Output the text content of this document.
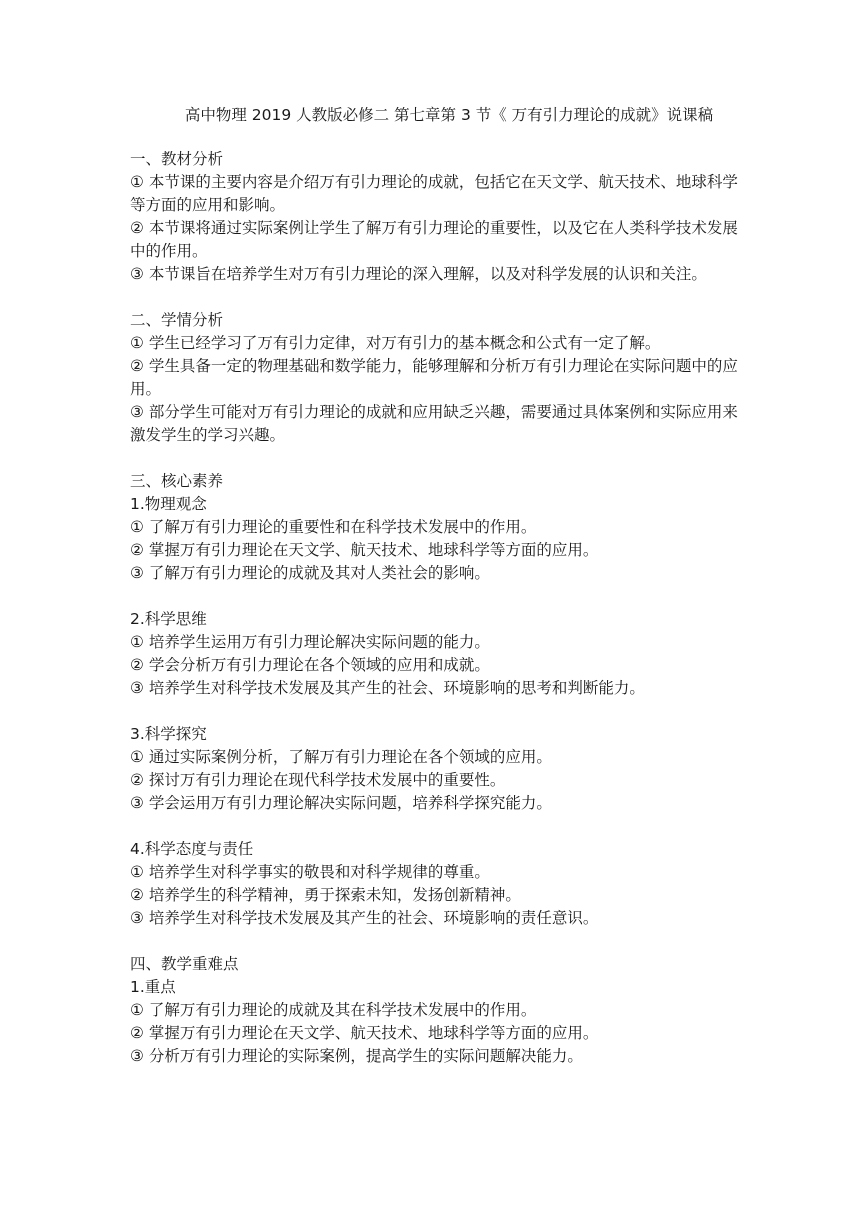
高中物理 2019 人教版必修二 第七章第 3 节《 万有引力理论的成就》说课稿

一、教材分析

① 本节课的主要内容是介绍万有引力理论的成就，包括它在天文学、航天技术、地球科学等方面的应用和影响。

② 本节课将通过实际案例让学生了解万有引力理论的重要性，以及它在人类科学技术发展中的作用。

③ 本节课旨在培养学生对万有引力理论的深入理解，以及对科学发展的认识和关注。

二、学情分析

① 学生已经学习了万有引力定律，对万有引力的基本概念和公式有一定了解。

② 学生具备一定的物理基础和数学能力，能够理解和分析万有引力理论在实际问题中的应用。

③ 部分学生可能对万有引力理论的成就和应用缺乏兴趣，需要通过具体案例和实际应用来激发学生的学习兴趣。

三、核心素养

1.物理观念

① 了解万有引力理论的重要性和在科学技术发展中的作用。

② 掌握万有引力理论在天文学、航天技术、地球科学等方面的应用。

③ 了解万有引力理论的成就及其对人类社会的影响。

2.科学思维

① 培养学生运用万有引力理论解决实际问题的能力。

② 学会分析万有引力理论在各个领域的应用和成就。

③ 培养学生对科学技术发展及其产生的社会、环境影响的思考和判断能力。

3.科学探究

① 通过实际案例分析，了解万有引力理论在各个领域的应用。

② 探讨万有引力理论在现代科学技术发展中的重要性。

③ 学会运用万有引力理论解决实际问题，培养科学探究能力。

4.科学态度与责任

① 培养学生对科学事实的敬畏和对科学规律的尊重。

② 培养学生的科学精神，勇于探索未知，发扬创新精神。

③ 培养学生对科学技术发展及其产生的社会、环境影响的责任意识。

四、教学重难点

1.重点

① 了解万有引力理论的成就及其在科学技术发展中的作用。

② 掌握万有引力理论在天文学、航天技术、地球科学等方面的应用。

③ 分析万有引力理论的实际案例，提高学生的实际问题解决能力。
